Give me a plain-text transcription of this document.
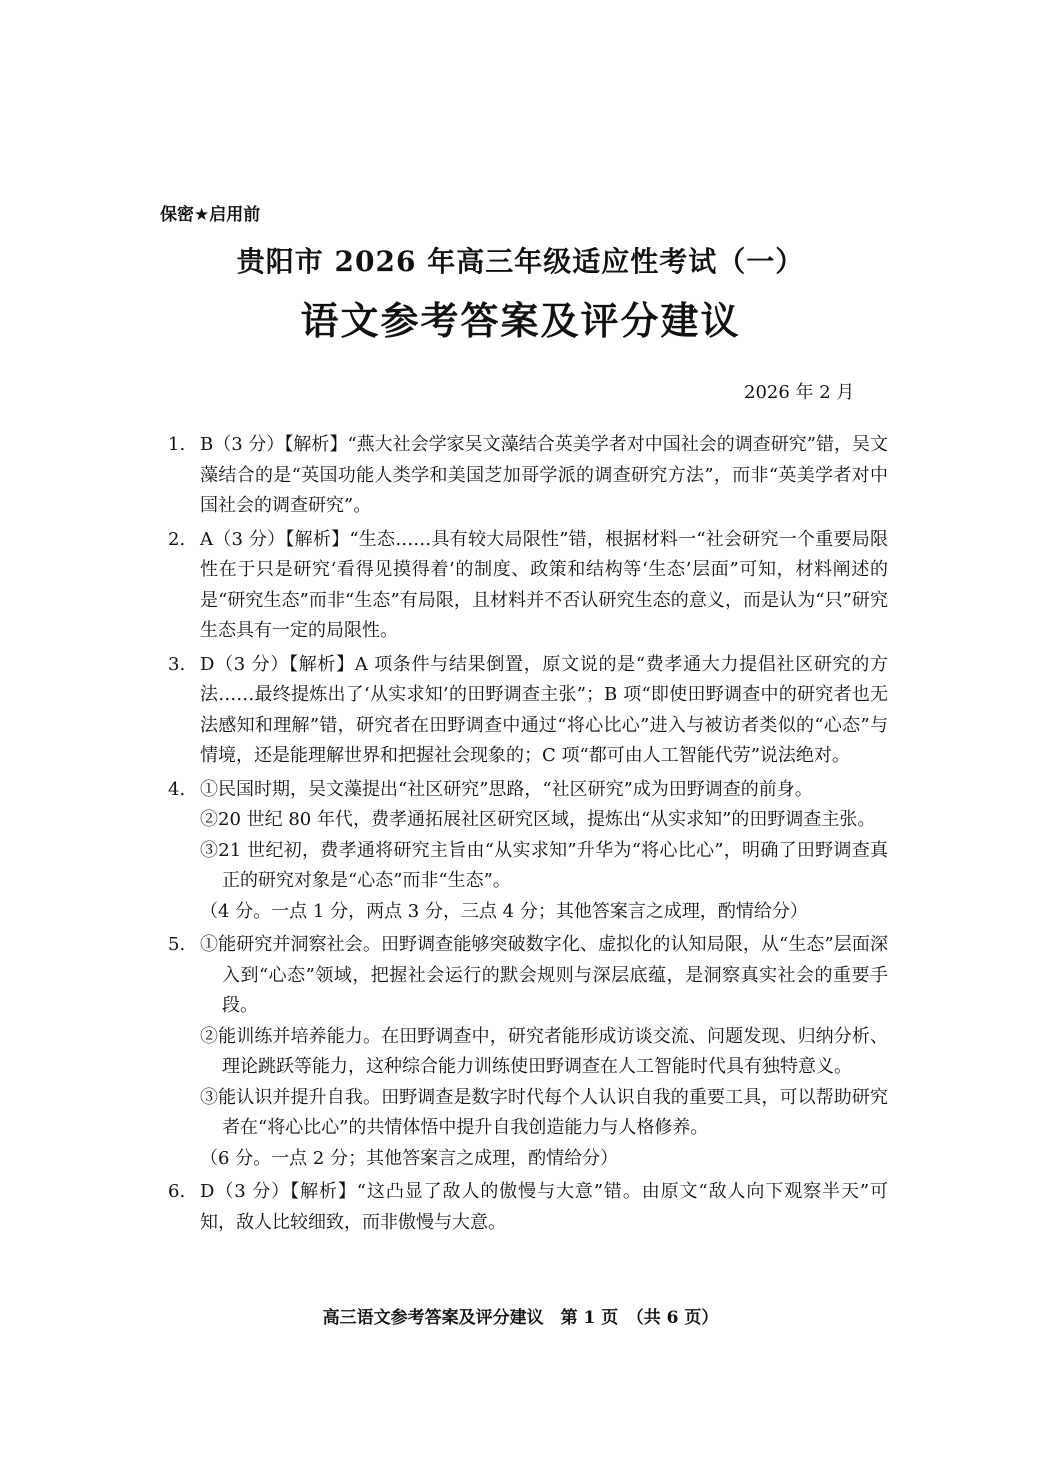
保密★启用前
贵阳市 2026 年高三年级适应性考试（一）
语文参考答案及评分建议
2026 年 2 月
1. B（3 分）【解析】“燕大社会学家吴文藻结合英美学者对中国社会的调查研究”错，吴文藻结合的是“英国功能人类学和美国芝加哥学派的调查研究方法”，而非“英美学者对中国社会的调查研究”。
2. A（3 分）【解析】“生态……具有较大局限性”错，根据材料一“社会研究一个重要局限性在于只是研究‘看得见摸得着’的制度、政策和结构等‘生态’层面”可知，材料阐述的是“研究生态”而非“生态”有局限，且材料并不否认研究生态的意义，而是认为“只”研究生态具有一定的局限性。
3. D（3 分）【解析】A 项条件与结果倒置，原文说的是“费孝通大力提倡社区研究的方法……最终提炼出了‘从实求知’的田野调查主张”；B 项“即使田野调查中的研究者也无法感知和理解”错，研究者在田野调查中通过“将心比心”进入与被访者类似的“心态”与情境，还是能理解世界和把握社会现象的；C 项“都可由人工智能代劳”说法绝对。
4. ①民国时期，吴文藻提出“社区研究”思路，“社区研究”成为田野调查的前身。
②20 世纪 80 年代，费孝通拓展社区研究区域，提炼出“从实求知”的田野调查主张。
③21 世纪初，费孝通将研究主旨由“从实求知”升华为“将心比心”，明确了田野调查真正的研究对象是“心态”而非“生态”。
（4 分。一点 1 分，两点 3 分，三点 4 分；其他答案言之成理，酌情给分）
5. ①能研究并洞察社会。田野调查能够突破数字化、虚拟化的认知局限，从“生态”层面深入到“心态”领域，把握社会运行的默会规则与深层底蕴，是洞察真实社会的重要手段。
②能训练并培养能力。在田野调查中，研究者能形成访谈交流、问题发现、归纳分析、理论跳跃等能力，这种综合能力训练使田野调查在人工智能时代具有独特意义。
③能认识并提升自我。田野调查是数字时代每个人认识自我的重要工具，可以帮助研究者在“将心比心”的共情体悟中提升自我创造能力与人格修养。
（6 分。一点 2 分；其他答案言之成理，酌情给分）
6. D（3 分）【解析】“这凸显了敌人的傲慢与大意”错。由原文“敌人向下观察半天”可知，敌人比较细致，而非傲慢与大意。
高三语文参考答案及评分建议　第 1 页　（共 6 页）
